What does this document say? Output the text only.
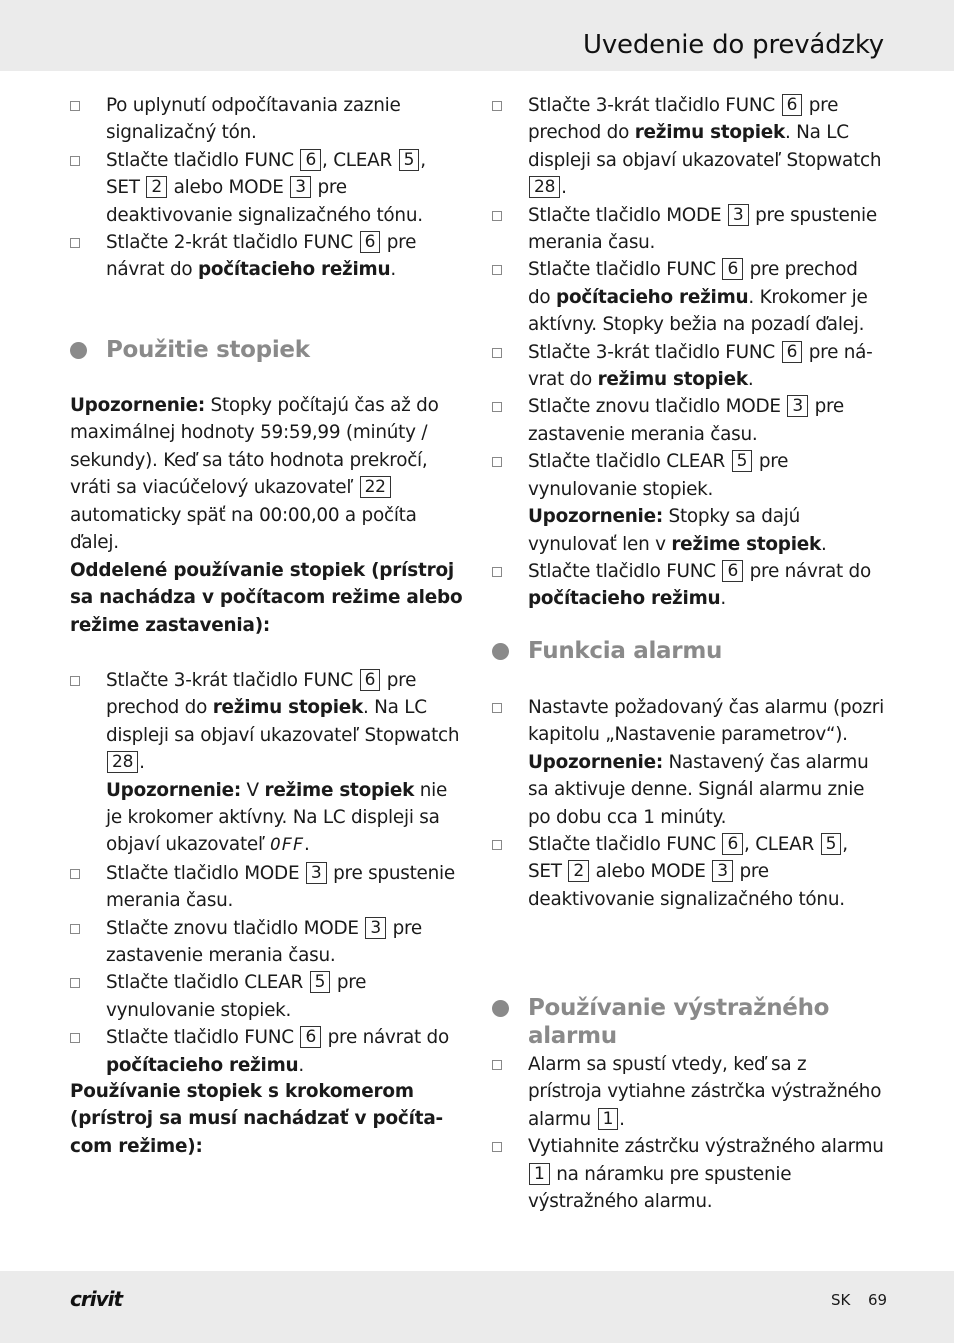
Uvedenie do prevádzky

Po uplynutí odpočítavania zaznie signalizačný tón.

Stlačte tlačidlo FUNC 6 , CLEAR 5 ,
SET 2 alebo MODE 3 pre deaktivovanie signalizačného tónu.

Stlačte 2-krát tlačidlo FUNC 6 pre návrat do počítacieho režimu.

Použitie stopiek
Upozornenie: Stopky počítajú čas až do maximálnej hodnoty 59:59,99 (minúty / sekundy). Keď sa táto hodnota prekročí, vráti sa viacúčelový ukazovateľ 22 automaticky späť na 00:00,00 a počíta ďalej.
Oddelené používanie stopiek (prístroj sa nachádza v počítacom režime alebo režime zastavenia):

Stlačte 3-krát tlačidlo FUNC 6 pre prechod do režimu stopiek. Na LC displeji sa objaví ukazovateľ Stopwatch 28 .
Upozornenie: V režime stopiek nie je krokomer aktívny. Na LC displeji sa objaví ukazovateľ OFF.

Stlačte tlačidlo MODE 3 pre spustenie merania času.

Stlačte znovu tlačidlo MODE 3 pre zastavenie merania času.

Stlačte tlačidlo CLEAR 5 pre vynulovanie stopiek.

Stlačte tlačidlo FUNC 6 pre návrat do počítacieho režimu.

Používanie stopiek s krokomerom (prístroj sa musí nachádzať v počíta-com režime):

Stlačte 3-krát tlačidlo FUNC 6 pre prechod do režimu stopiek. Na LC displeji sa objaví ukazovateľ Stopwatch 28 .

Stlačte tlačidlo MODE 3 pre spustenie merania času.

Stlačte tlačidlo FUNC 6 pre prechod do počítacieho režimu. Krokomer je aktívny. Stopky bežia na pozadí ďalej.

Stlačte 3-krát tlačidlo FUNC 6 pre ná-vrat do režimu stopiek.

Stlačte znovu tlačidlo MODE 3 pre zastavenie merania času.

Stlačte tlačidlo CLEAR 5 pre vynulovanie stopiek.
Upozornenie: Stopky sa dajú vynulovať len v režime stopiek.

Stlačte tlačidlo FUNC 6 pre návrat do počítacieho režimu.

Funkcia alarmu

Nastavte požadovaný čas alarmu (pozri kapitolu „Nastavenie parametrov“).
Upozornenie: Nastavený čas alarmu sa aktivuje denne. Signál alarmu znie po dobu cca 1 minúty.

Stlačte tlačidlo FUNC 6 , CLEAR 5 ,
SET 2 alebo MODE 3 pre deaktivovanie signalizačného tónu.

Používanie výstražného alarmu

Alarm sa spustí vtedy, keď sa z prístroja vytiahne zástrčka výstražného alarmu 1 .

Vytiahnite zástrčku výstražného alarmu 1 na náramku pre spustenie výstražného alarmu.

crivit	SK 69
